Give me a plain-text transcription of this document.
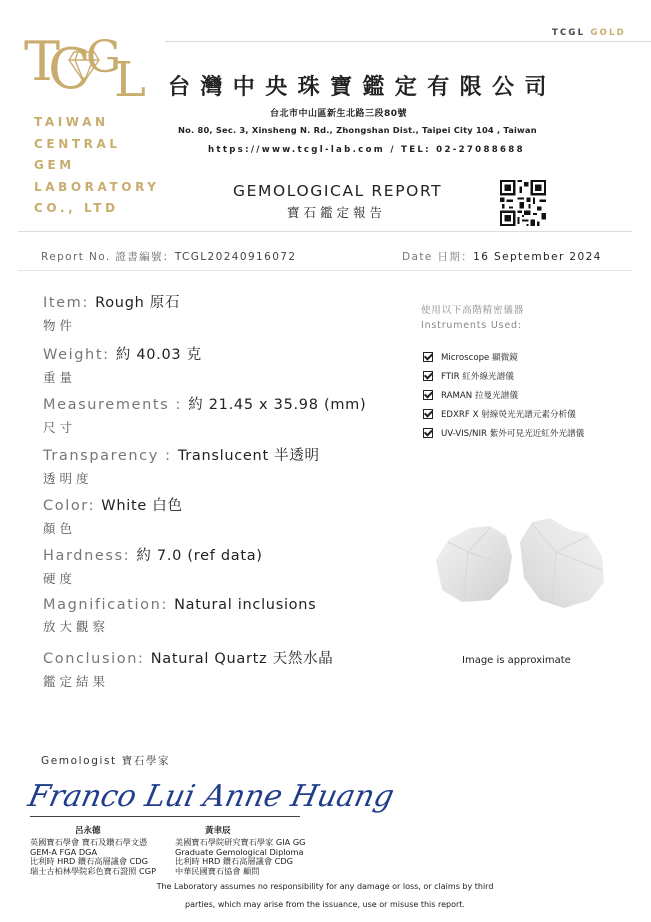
TCGL GOLD
T
C
G
L
TAIWAN
CENTRAL
GEM
LABORATORY
CO., LTD
台灣中央珠寶鑑定有限公司
台北市中山區新生北路三段80號
No. 80, Sec. 3, Xinsheng N. Rd., Zhongshan Dist., Taipei City 104 , Taiwan
https://www.tcgl-lab.com / TEL: 02-27088688
GEMOLOGICAL REPORT
寶石鑑定報告
Report No. 證書編號：TCGL20240916072	Date 日期：16 September 2024
Item: Rough 原石
物件
Weight: 約 40.03 克
重量
Measurements : 約 21.45 x 35.98 (mm)
尺寸
Transparency : Translucent 半透明
透明度
Color: White 白色
顏色
Hardness: 約 7.0 (ref data)
硬度
Magnification: Natural inclusions
放大觀察
Conclusion: Natural Quartz 天然水晶
鑑定結果
使用以下高階精密儀器
Instruments Used:
Microscope 顯微鏡
FTIR 紅外線光譜儀
RAMAN 拉曼光譜儀
EDXRF X 射線熒光光譜元素分析儀
UV-VIS/NIR 紫外可見光近紅外光譜儀
Image is approximate
Gemologist 寶石學家
Franco Lui Anne Huang
呂永德	黃聿辰
英國寶石學會 寶石及鑽石學文憑
GEM-A FGA DGA
比利時 HRD 鑽石高層議會 CDG
瑞士古柏林學院彩色寶石證照 CGP
美國寶石學院研究寶石學家 GIA GG
Graduate Gemological Diploma
比利時 HRD 鑽石高層議會 CDG
中華民國寶石協會 顧問
The Laboratory assumes no responsibility for any damage or loss, or claims by third
parties, which may arise from the issuance, use or misuse this report.
